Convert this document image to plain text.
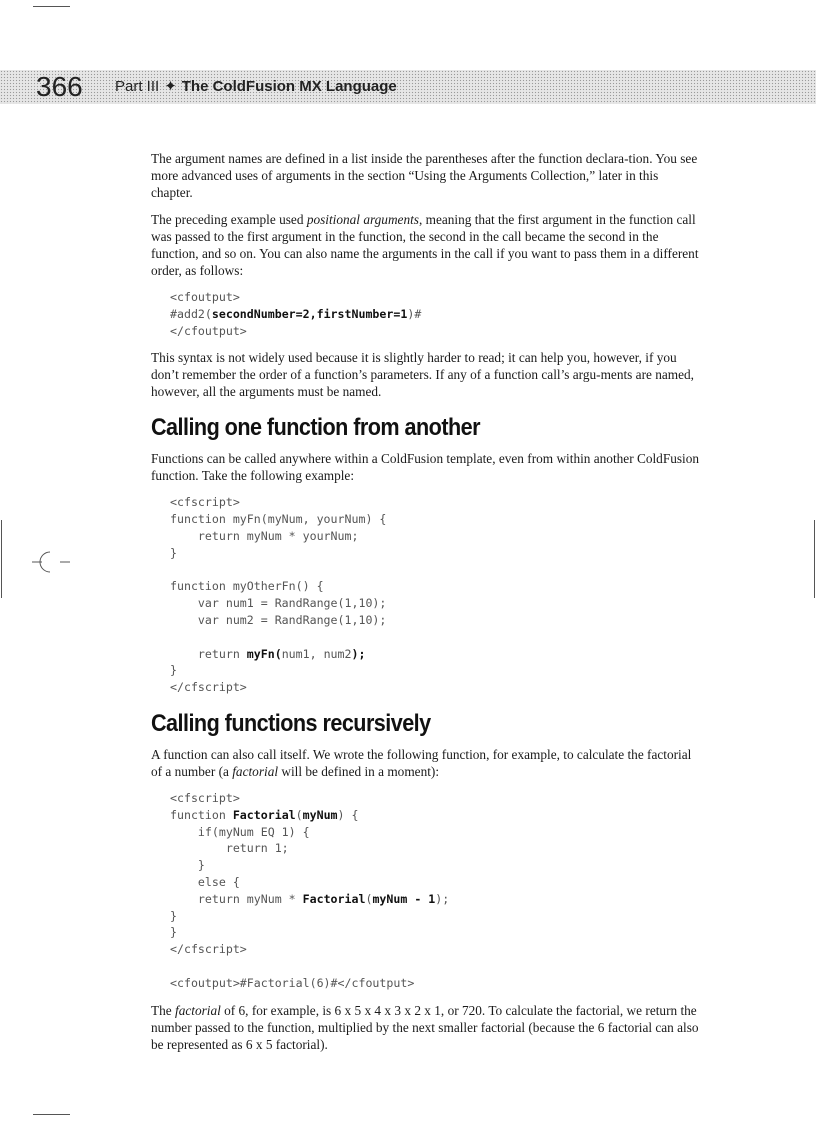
366 Part III ✦ The ColdFusion MX Language

The argument names are defined in a list inside the parentheses after the function declara-tion. You see more advanced uses of arguments in the section “Using the Arguments Collection,” later in this chapter.

The preceding example used positional arguments, meaning that the first argument in the function call was passed to the first argument in the function, the second in the call became the second in the function, and so on. You can also name the arguments in the call if you want to pass them in a different order, as follows:

<cfoutput>
#add2(secondNumber=2,firstNumber=1)#
</cfoutput>

This syntax is not widely used because it is slightly harder to read; it can help you, however, if you don’t remember the order of a function’s parameters. If any of a function call’s argu-ments are named, however, all the arguments must be named.

Calling one function from another

Functions can be called anywhere within a ColdFusion template, even from within another ColdFusion function. Take the following example:

<cfscript>
function myFn(myNum, yourNum) {
return myNum * yourNum;
}

function myOtherFn() {
var num1 = RandRange(1,10);
var num2 = RandRange(1,10);

return myFn(num1, num2);
}
</cfscript>
Calling functions recursively

A function can also call itself. We wrote the following function, for example, to calculate the factorial of a number (a factorial will be defined in a moment):

<cfscript>
function Factorial(myNum) {
if(myNum EQ 1) {
return 1;
}
else {
return myNum * Factorial(myNum - 1);
}
}
</cfscript>

<cfoutput>#Factorial(6)#</cfoutput>

The factorial of 6, for example, is 6 x 5 x 4 x 3 x 2 x 1, or 720. To calculate the factorial, we return the number passed to the function, multiplied by the next smaller factorial (because the 6 factorial can also be represented as 6 x 5 factorial).
